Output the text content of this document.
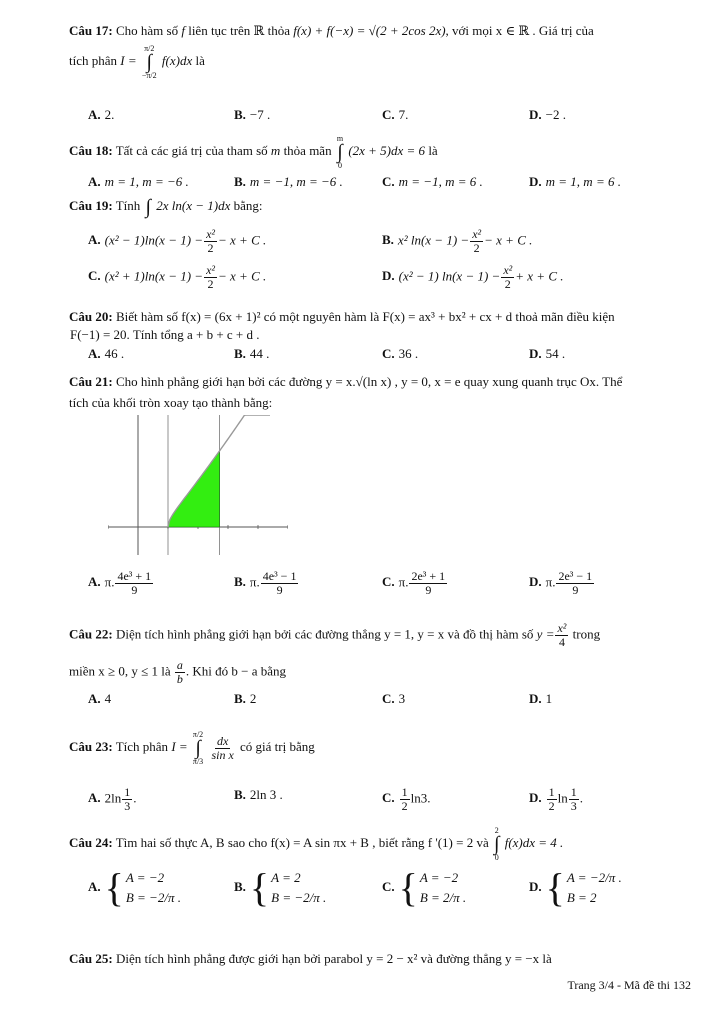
Câu 17: Cho hàm số f liên tục trên ℝ thỏa f(x) + f(−x) = √(2 + 2cos 2x), với mọi x ∈ ℝ . Giá trị của
tích phân I =
π/2
∫
−π/2
f(x)dx là
A. 2.	B. −7 .	C. 7.	D. −2 .
Câu 18: Tất cả các giá trị của tham số m thỏa mãn
m
∫
0
(2x + 5)dx = 6 là
A. m = 1, m = −6 .	B. m = −1, m = −6 .	C. m = −1, m = 6 .	D. m = 1, m = 6 .
Câu 19: Tính ∫ 2x ln(x − 1)dx bằng:
A. $(x^2 - 1)\ln(x - 1) - \frac{\text{x²}}{2} - x + C$ .	B. x² $\ln(x - 1) - \frac{\text{x²}}{2} - x + C$ .
C. $(x^2 + 1)\ln(x - 1) - \frac{\text{x²}}{2} - x + C$ .	D. (x² − 1) $\ln(x - 1) - \frac{\text{x²}}{2} + x + C$ .
Câu 20: Biết hàm số f(x) = (6x + 1)² có một nguyên hàm là F(x) = ax³ + bx² + cx + d thoả mãn điều kiện
F(−1) = 20. Tính tổng a + b + c + d .
A. 46 .	B. 44 .	C. 36 .	D. 54 .
Câu 21: Cho hình phẳng giới hạn bởi các đường y = x.√(ln x) , y = 0, x = e quay xung quanh trục Ox. Thể
tích của khối tròn xoay tạo thành bằng:
A. π. $\frac{\text{4e³ + 1}}{9}$	B. π. $\frac{\text{4e³ − 1}}{9}$	C. π. $\frac{\text{2e³ + 1}}{9}$	D. π. $\frac{\text{2e³ − 1}}{9}$
Câu 22: Diện tích hình phẳng giới hạn bởi các đường thẳng y = 1, y = x và đồ thị hàm số $y = \frac{\text{x²}}{4}$ trong
miền x ≥ 0, y ≤ 1 là $\frac{a}{b}$ . Khi đó b − a bằng
A. 4	B. 2	C. 3	D. 1
Câu 23: Tích phân I =
π/2
∫
π/3
$\frac{dx}{\text{sin x}}$ có giá trị bằng
A. $2\ln \frac{1}{3}$ .	B. 2ln 3 .	C. $\frac{1}{2} \ln 3$.	D. $\frac{1}{2}$ $\ln \frac{1}{3}$ .
Câu 24: Tìm hai số thực A, B sao cho f(x) = A sin πx + B , biết rằng f '(1) = 2 và
2
∫
0
f(x)dx = 4 .
A. { A = −2
B = −2/π .
B. { A = 2
B = −2/π .
C. { A = −2
B = 2/π .
D. { A = −2/π .
B = 2
Câu 25: Diện tích hình phẳng được giới hạn bởi parabol y = 2 − x² và đường thẳng y = −x là
Trang 3/4 - Mã đề thi 132
